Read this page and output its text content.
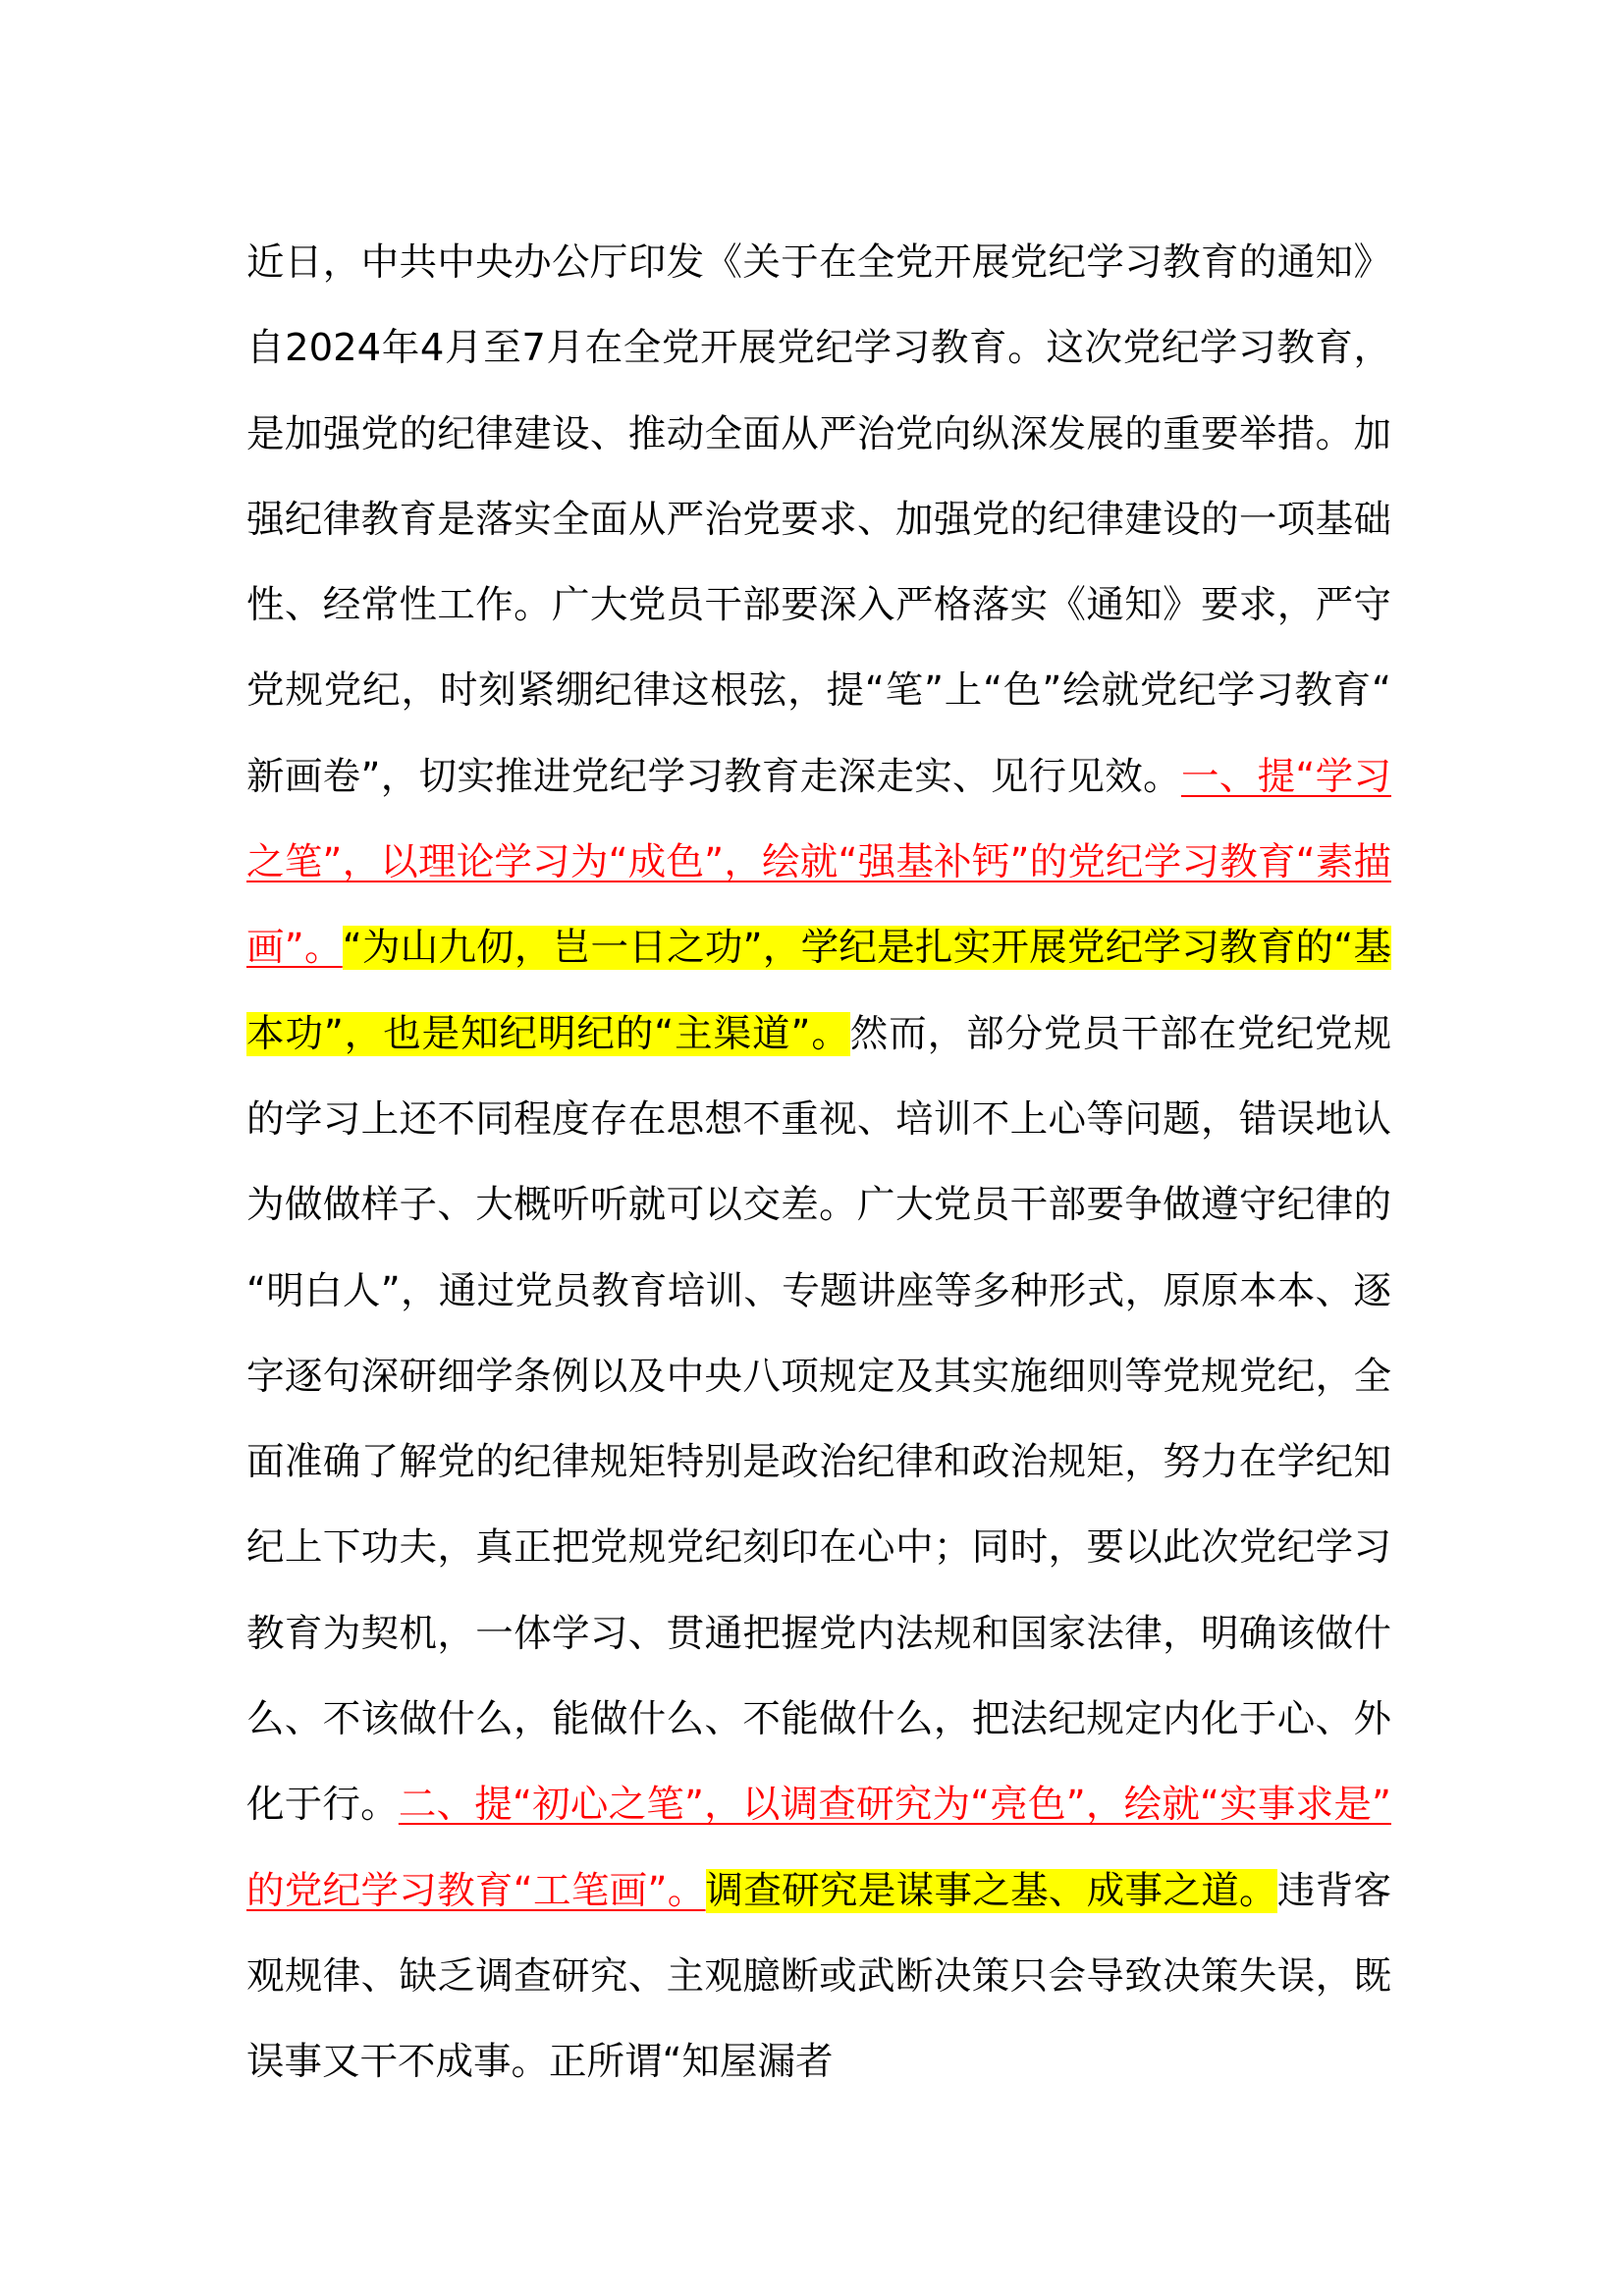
近日，中共中央办公厅印发《关于在全党开展党纪学习教育的通知》自2024年4月至7月在全党开展党纪学习教育。这次党纪学习教育，是加强党的纪律建设、推动全面从严治党向纵深发展的重要举措。加强纪律教育是落实全面从严治党要求、加强党的纪律建设的一项基础性、经常性工作。广大党员干部要深入严格落实《通知》要求，严守党规党纪，时刻紧绷纪律这根弦，提“笔”上“色”绘就党纪学习教育“新画卷”，切实推进党纪学习教育走深走实、见行见效。一、提“学习之笔”，以理论学习为“成色”，绘就“强基补钙”的党纪学习教育“素描画”。“为山九仞，岂一日之功”，学纪是扎实开展党纪学习教育的“基本功”，也是知纪明纪的“主渠道”。然而，部分党员干部在党纪党规的学习上还不同程度存在思想不重视、培训不上心等问题，错误地认为做做样子、大概听听就可以交差。广大党员干部要争做遵守纪律的“明白人”，通过党员教育培训、专题讲座等多种形式，原原本本、逐字逐句深研细学条例以及中央八项规定及其实施细则等党规党纪，全面准确了解党的纪律规矩特别是政治纪律和政治规矩，努力在学纪知纪上下功夫，真正把党规党纪刻印在心中；同时，要以此次党纪学习教育为契机，一体学习、贯通把握党内法规和国家法律，明确该做什么、不该做什么，能做什么、不能做什么，把法纪规定内化于心、外化于行。二、提“初心之笔”，以调查研究为“亮色”，绘就“实事求是”的党纪学习教育“工笔画”。调查研究是谋事之基、成事之道。违背客观规律、缺乏调查研究、主观臆断或武断决策只会导致决策失误，既误事又干不成事。正所谓“知屋漏者
